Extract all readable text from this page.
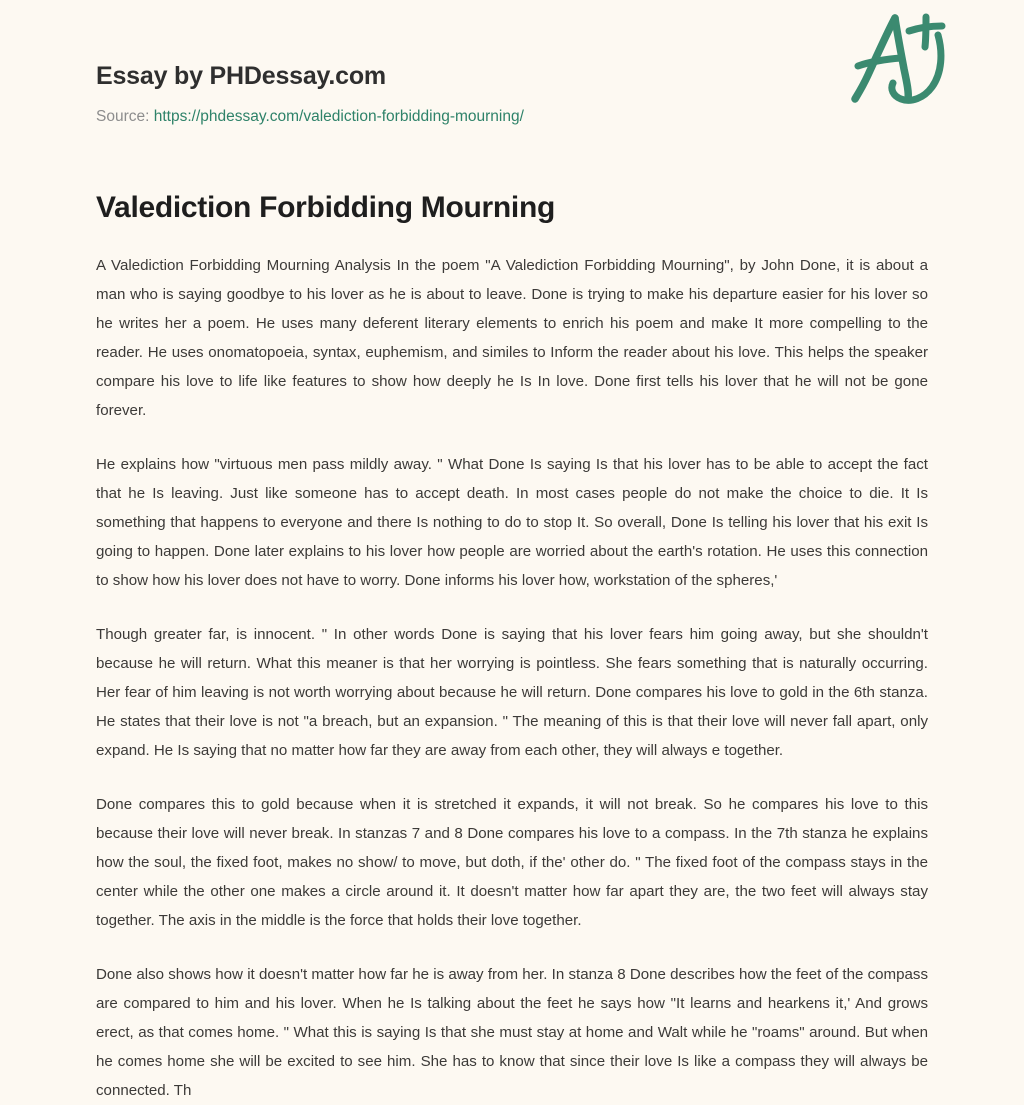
Essay by PHDessay.com
Source: https://phdessay.com/valediction-forbidding-mourning/
Valediction Forbidding Mourning

A Valediction Forbidding Mourning Analysis In the poem "A Valediction Forbidding Mourning", by John Done, it is about a man who is saying goodbye to his lover as he is about to leave. Done is trying to make his departure easier for his lover so he writes her a poem. He uses many deferent literary elements to enrich his poem and make It more compelling to the reader. He uses onomatopoeia, syntax, euphemism, and similes to Inform the reader about his love. This helps the speaker compare his love to life like features to show how deeply he Is In love. Done first tells his lover that he will not be gone forever.

He explains how "virtuous men pass mildly away. " What Done Is saying Is that his lover has to be able to accept the fact that he Is leaving. Just like someone has to accept death. In most cases people do not make the choice to die. It Is something that happens to everyone and there Is nothing to do to stop It. So overall, Done Is telling his lover that his exit Is going to happen. Done later explains to his lover how people are worried about the earth's rotation. He uses this connection to show how his lover does not have to worry. Done informs his lover how, workstation of the spheres,'

Though greater far, is innocent. " In other words Done is saying that his lover fears him going away, but she shouldn't because he will return. What this meaner is that her worrying is pointless. She fears something that is naturally occurring. Her fear of him leaving is not worth worrying about because he will return. Done compares his love to gold in the 6th stanza. He states that their love is not "a breach, but an expansion. " The meaning of this is that their love will never fall apart, only expand. He Is saying that no matter how far they are away from each other, they will always e together.

Done compares this to gold because when it is stretched it expands, it will not break. So he compares his love to this because their love will never break. In stanzas 7 and 8 Done compares his love to a compass. In the 7th stanza he explains how the soul, the fixed foot, makes no show/ to move, but doth, if the' other do. " The fixed foot of the compass stays in the center while the other one makes a circle around it. It doesn't matter how far apart they are, the two feet will always stay together. The axis in the middle is the force that holds their love together.

Done also shows how it doesn't matter how far he is away from her. In stanza 8 Done describes how the feet of the compass are compared to him and his lover. When he Is talking about the feet he says how "It learns and hearkens it,' And grows erect, as that comes home. " What this is saying Is that she must stay at home and Walt while he "roams" around. But when he comes home she will be excited to see him. She has to know that since their love Is like a compass they will always be connected. Th
